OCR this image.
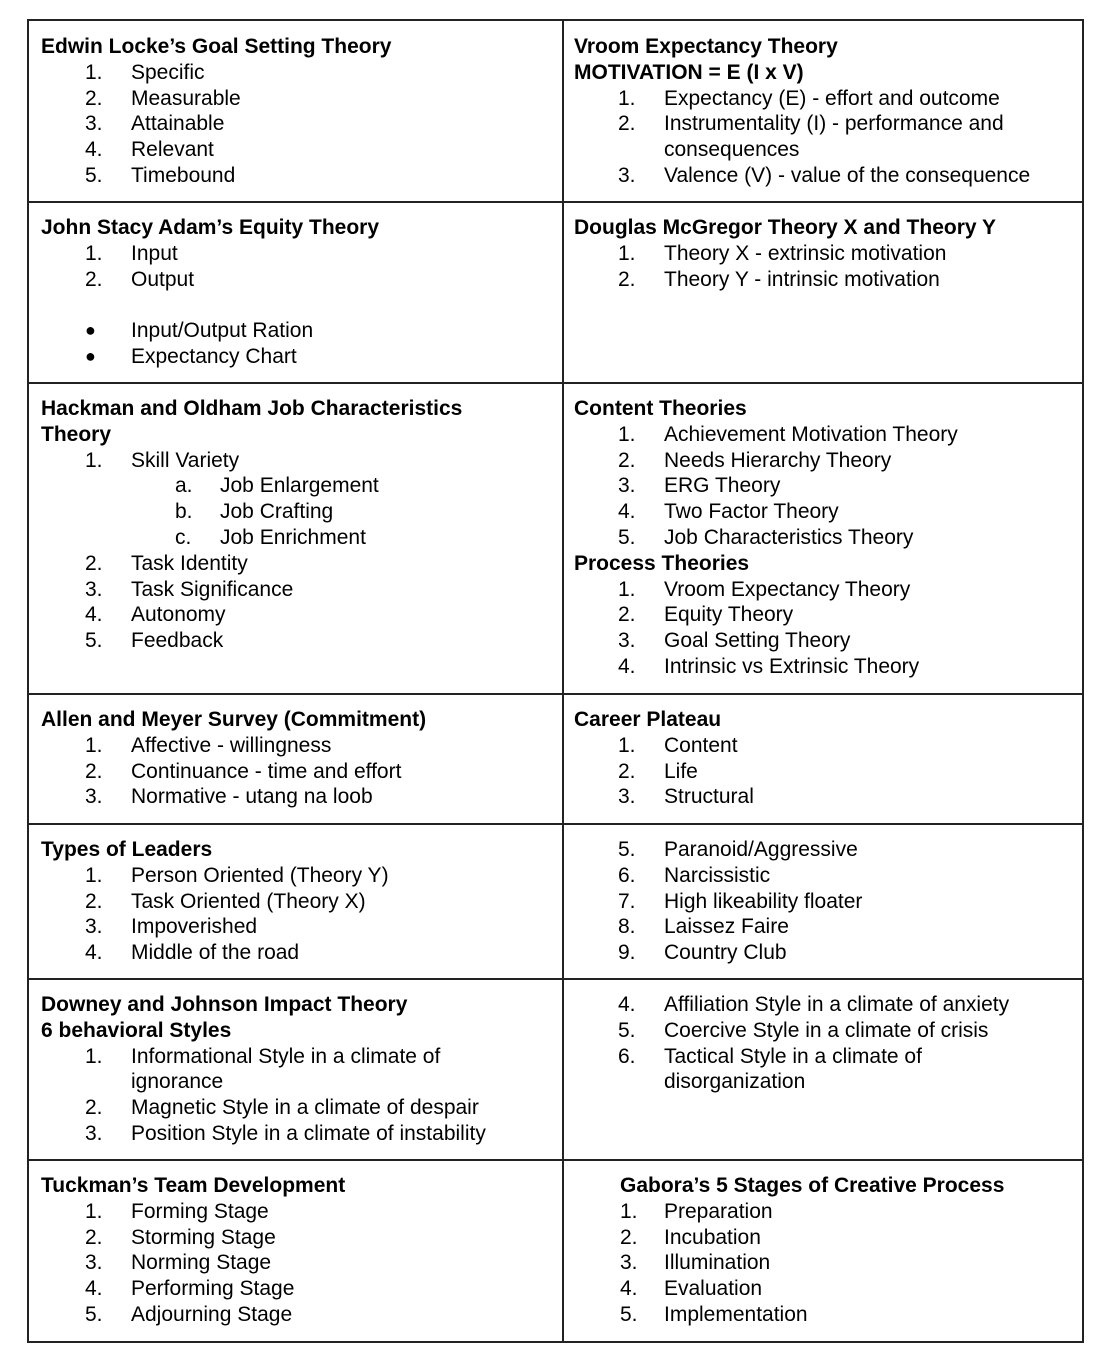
Edwin Locke’s Goal Setting Theory
1. Specific
2. Measurable
3. Attainable
4. Relevant
5. Timebound
Vroom Expectancy Theory
MOTIVATION = E (I x V)
1. Expectancy (E) - effort and outcome
2. Instrumentality (I) - performance and consequences
3. Valence (V) - value of the consequence
John Stacy Adam’s Equity Theory
1. Input
2. Output
● Input/Output Ration
● Expectancy Chart
Douglas McGregor Theory X and Theory Y
1. Theory X - extrinsic motivation
2. Theory Y - intrinsic motivation
Hackman and Oldham Job Characteristics Theory
1. Skill Variety
a. Job Enlargement
b. Job Crafting
c. Job Enrichment
2. Task Identity
3. Task Significance
4. Autonomy
5. Feedback
Content Theories
1. Achievement Motivation Theory
2. Needs Hierarchy Theory
3. ERG Theory
4. Two Factor Theory
5. Job Characteristics Theory
Process Theories
1. Vroom Expectancy Theory
2. Equity Theory
3. Goal Setting Theory
4. Intrinsic vs Extrinsic Theory
Allen and Meyer Survey (Commitment)
1. Affective - willingness
2. Continuance - time and effort
3. Normative - utang na loob
Career Plateau
1. Content
2. Life
3. Structural
Types of Leaders
1. Person Oriented (Theory Y)
2. Task Oriented (Theory X)
3. Impoverished
4. Middle of the road
5. Paranoid/Aggressive
6. Narcissistic
7. High likeability floater
8. Laissez Faire
9. Country Club
Downey and Johnson Impact Theory
6 behavioral Styles
1. Informational Style in a climate of ignorance
2. Magnetic Style in a climate of despair
3. Position Style in a climate of instability
4. Affiliation Style in a climate of anxiety
5. Coercive Style in a climate of crisis
6. Tactical Style in a climate of disorganization
Tuckman’s Team Development
1. Forming Stage
2. Storming Stage
3. Norming Stage
4. Performing Stage
5. Adjourning Stage
Gabora’s 5 Stages of Creative Process
1. Preparation
2. Incubation
3. Illumination
4. Evaluation
5. Implementation
